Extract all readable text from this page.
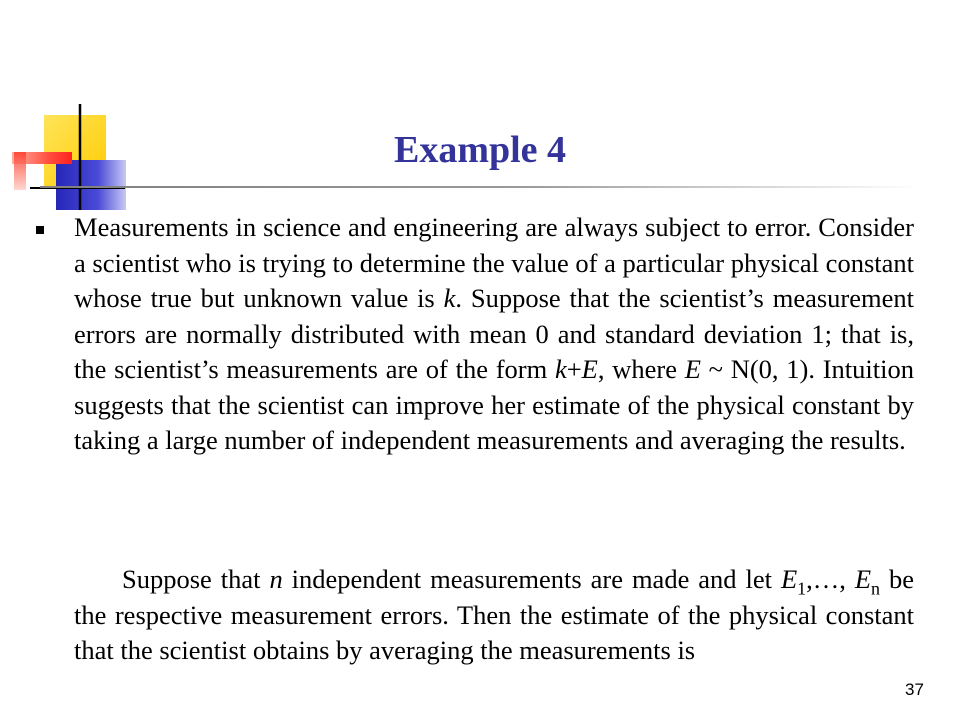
Example 4

Measurements in science and engineering are always subject to error. Consider a scientist who is trying to determine the value of a particular physical constant whose true but unknown value is k. Suppose that the scientist’s measurement errors are normally distributed with mean 0 and standard deviation 1; that is, the scientist’s measurements are of the form k+E, where E ~ N(0, 1). Intuition suggests that the scientist can improve her estimate of the physical constant by taking a large number of independent measurements and averaging the results.

Suppose that n independent measurements are made and let $E_1,\dots$, $E_n$ be the respective measurement errors. Then the estimate of the physical constant that the scientist obtains by averaging the measurements is

37
